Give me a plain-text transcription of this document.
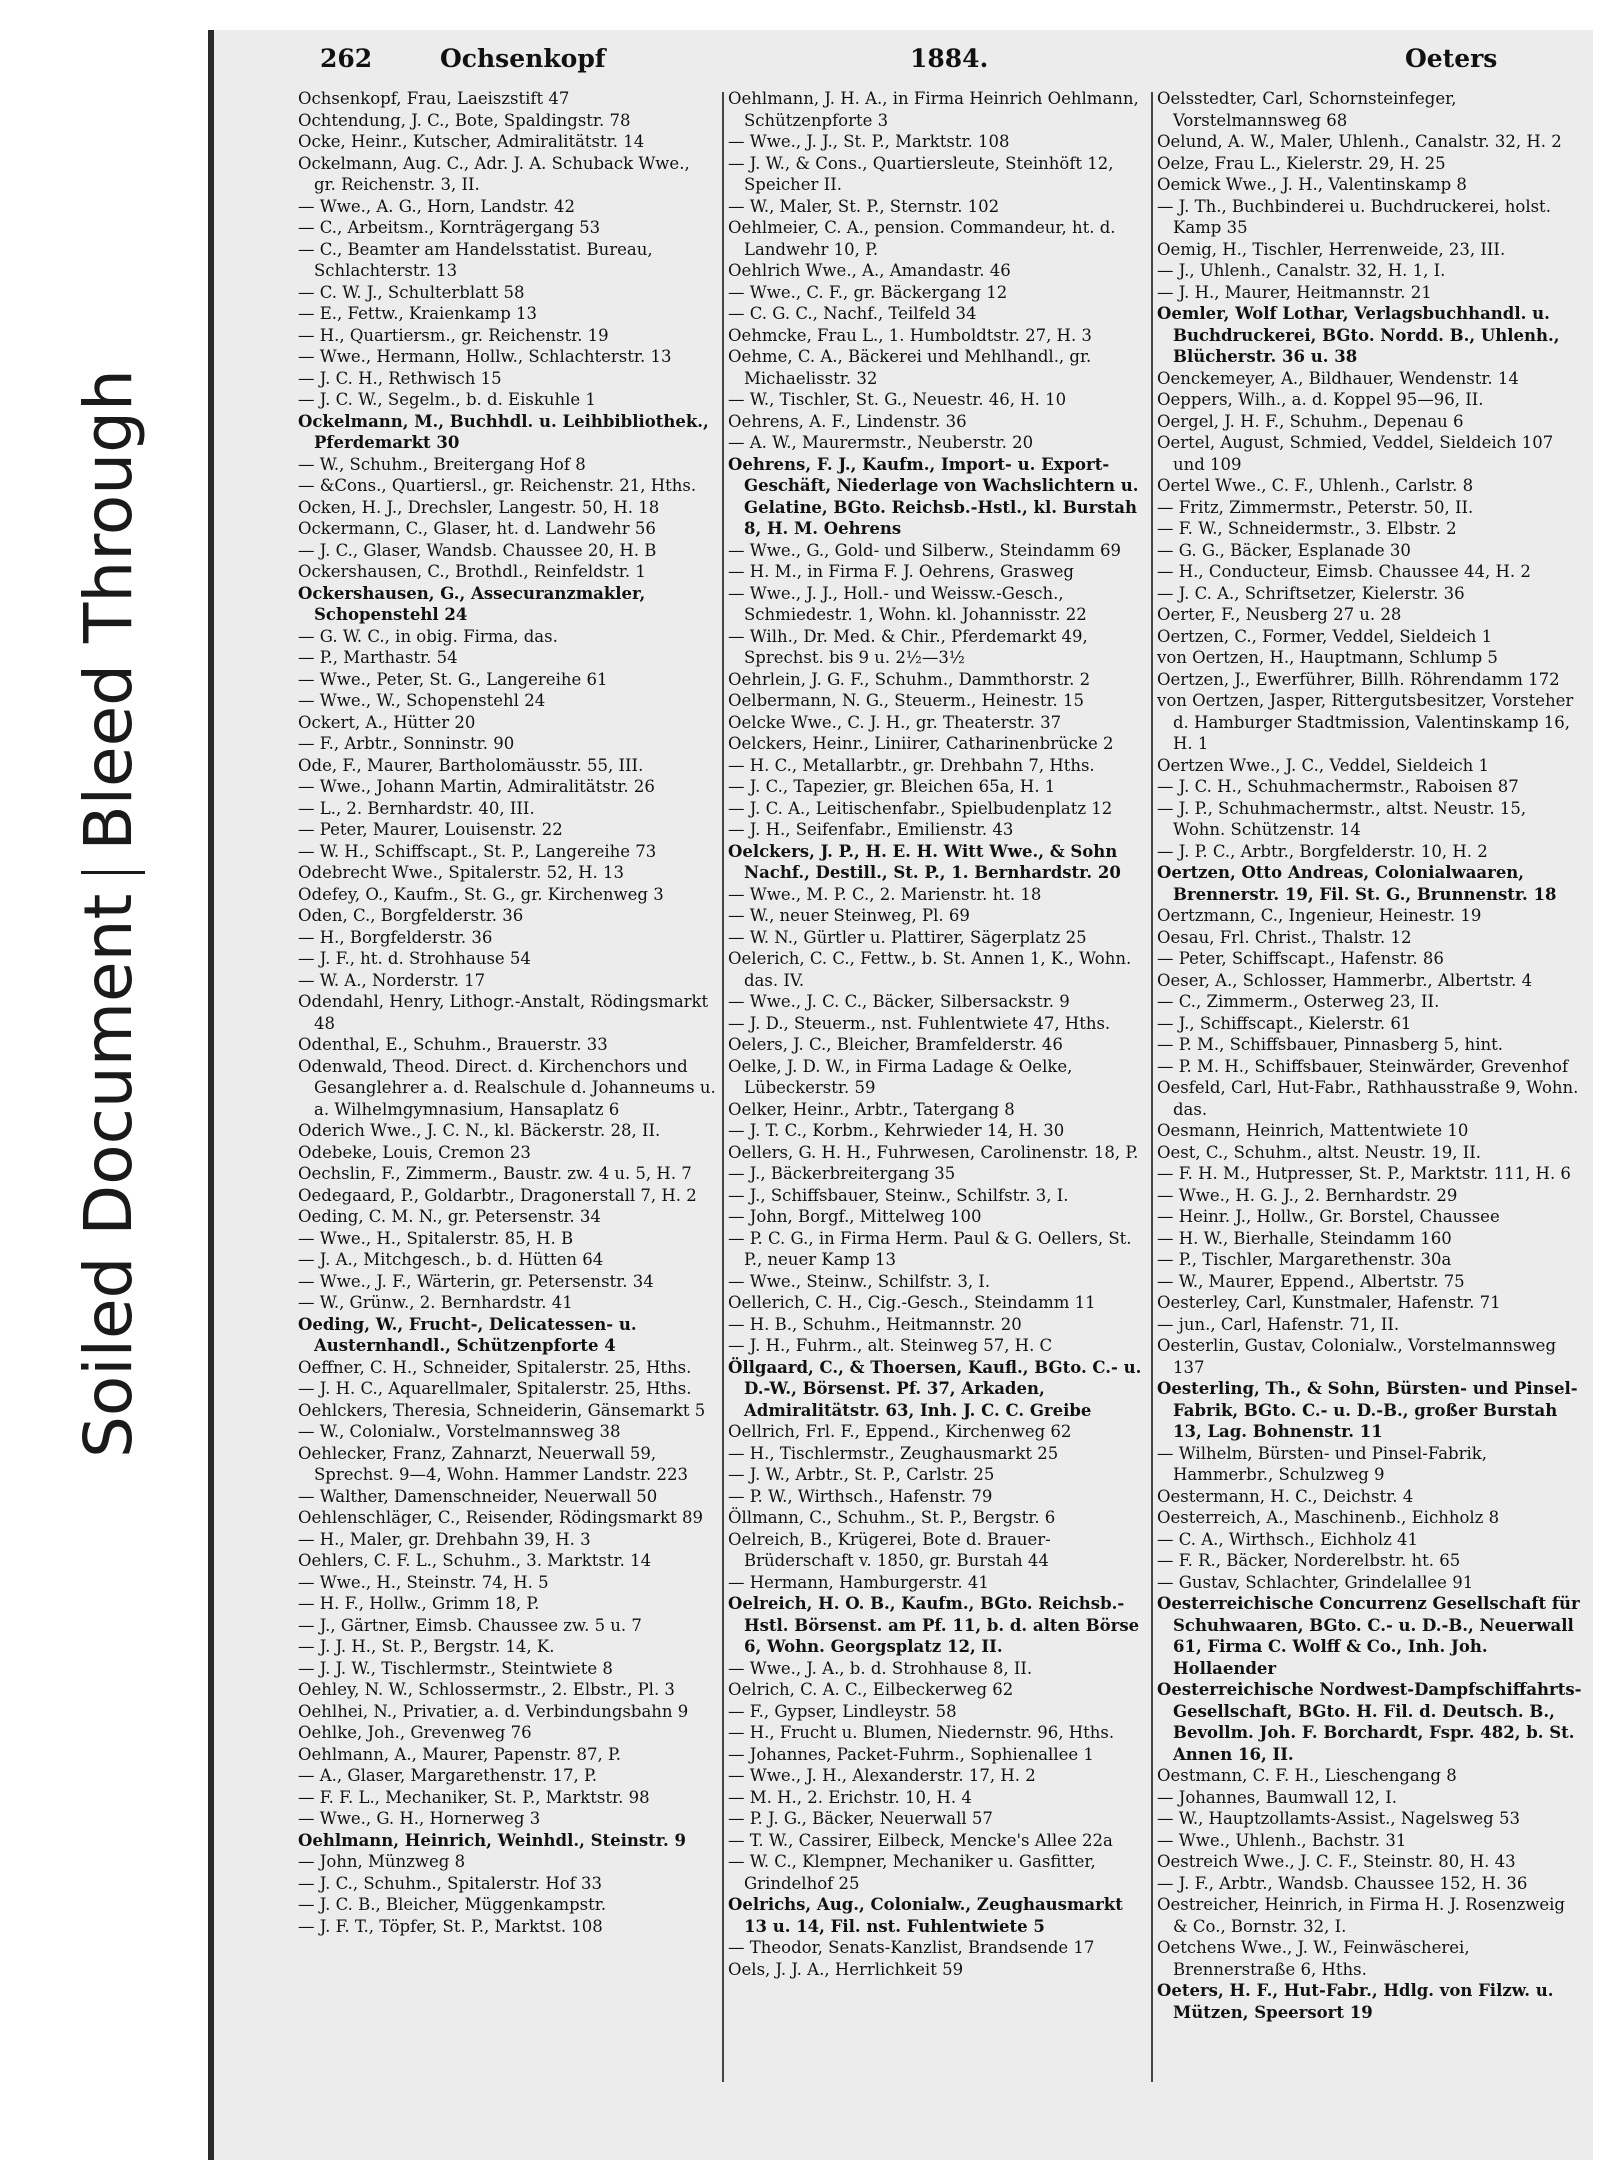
Soiled DocumentBleed Through
262	Ochsenkopf	1884.	Oeters

Ochsenkopf, Frau, Laeiszstift 47

Ochtendung, J. C., Bote, Spaldingstr. 78

Ocke, Heinr., Kutscher, Admiralitätstr. 14

Ockelmann, Aug. C., Adr. J. A. Schuback Wwe., gr. Reichenstr. 3, II.

— Wwe., A. G., Horn, Landstr. 42

— C., Arbeitsm., Kornträgergang 53

— C., Beamter am Handelsstatist. Bureau, Schlachterstr. 13

— C. W. J., Schulterblatt 58

— E., Fettw., Kraienkamp 13

— H., Quartiersm., gr. Reichenstr. 19

— Wwe., Hermann, Hollw., Schlachterstr. 13

— J. C. H., Rethwisch 15

— J. C. W., Segelm., b. d. Eiskuhle 1

Ockelmann, M., Buchhdl. u. Leihbibliothek., Pferdemarkt 30

— W., Schuhm., Breitergang Hof 8

— &Cons., Quartiersl., gr. Reichenstr. 21, Hths.

Ocken, H. J., Drechsler, Langestr. 50, H. 18

Ockermann, C., Glaser, ht. d. Landwehr 56

— J. C., Glaser, Wandsb. Chaussee 20, H. B

Ockershausen, C., Brothdl., Reinfeldstr. 1

Ockershausen, G., Assecuranzmakler, Schopenstehl 24

— G. W. C., in obig. Firma, das.

— P., Marthastr. 54

— Wwe., Peter, St. G., Langereihe 61

— Wwe., W., Schopenstehl 24

Ockert, A., Hütter 20

— F., Arbtr., Sonninstr. 90

Ode, F., Maurer, Bartholomäusstr. 55, III.

— Wwe., Johann Martin, Admiralitätstr. 26

— L., 2. Bernhardstr. 40, III.

— Peter, Maurer, Louisenstr. 22

— W. H., Schiffscapt., St. P., Langereihe 73

Odebrecht Wwe., Spitalerstr. 52, H. 13

Odefey, O., Kaufm., St. G., gr. Kirchenweg 3

Oden, C., Borgfelderstr. 36

— H., Borgfelderstr. 36

— J. F., ht. d. Strohhause 54

— W. A., Norderstr. 17

Odendahl, Henry, Lithogr.-Anstalt, Rödingsmarkt 48

Odenthal, E., Schuhm., Brauerstr. 33

Odenwald, Theod. Direct. d. Kirchenchors und Gesanglehrer a. d. Realschule d. Johanneums u. a. Wilhelmgymnasium, Hansaplatz 6

Oderich Wwe., J. C. N., kl. Bäckerstr. 28, II.

Odebeke, Louis, Cremon 23

Oechslin, F., Zimmerm., Baustr. zw. 4 u. 5, H. 7

Oedegaard, P., Goldarbtr., Dragonerstall 7, H. 2

Oeding, C. M. N., gr. Petersenstr. 34

— Wwe., H., Spitalerstr. 85, H. B

— J. A., Mitchgesch., b. d. Hütten 64

— Wwe., J. F., Wärterin, gr. Petersenstr. 34

— W., Grünw., 2. Bernhardstr. 41

Oeding, W., Frucht-, Delicatessen- u. Austernhandl., Schützenpforte 4

Oeffner, C. H., Schneider, Spitalerstr. 25, Hths.

— J. H. C., Aquarellmaler, Spitalerstr. 25, Hths.

Oehlckers, Theresia, Schneiderin, Gänsemarkt 5

— W., Colonialw., Vorstelmannsweg 38

Oehlecker, Franz, Zahnarzt, Neuerwall 59, Sprechst. 9—4, Wohn. Hammer Landstr. 223

— Walther, Damenschneider, Neuerwall 50

Oehlenschläger, C., Reisender, Rödingsmarkt 89

— H., Maler, gr. Drehbahn 39, H. 3

Oehlers, C. F. L., Schuhm., 3. Marktstr. 14

— Wwe., H., Steinstr. 74, H. 5

— H. F., Hollw., Grimm 18, P.

— J., Gärtner, Eimsb. Chaussee zw. 5 u. 7

— J. J. H., St. P., Bergstr. 14, K.

— J. J. W., Tischlermstr., Steintwiete 8

Oehley, N. W., Schlossermstr., 2. Elbstr., Pl. 3

Oehlhei, N., Privatier, a. d. Verbindungsbahn 9

Oehlke, Joh., Grevenweg 76

Oehlmann, A., Maurer, Papenstr. 87, P.

— A., Glaser, Margarethenstr. 17, P.

— F. F. L., Mechaniker, St. P., Marktstr. 98

— Wwe., G. H., Hornerweg 3

Oehlmann, Heinrich, Weinhdl., Steinstr. 9

— John, Münzweg 8

— J. C., Schuhm., Spitalerstr. Hof 33

— J. C. B., Bleicher, Müggenkampstr.

— J. F. T., Töpfer, St. P., Marktst. 108

Oehlmann, J. H. A., in Firma Heinrich Oehlmann, Schützenpforte 3

— Wwe., J. J., St. P., Marktstr. 108

— J. W., & Cons., Quartiersleute, Steinhöft 12, Speicher II.

— W., Maler, St. P., Sternstr. 102

Oehlmeier, C. A., pension. Commandeur, ht. d. Landwehr 10, P.

Oehlrich Wwe., A., Amandastr. 46

— Wwe., C. F., gr. Bäckergang 12

— C. G. C., Nachf., Teilfeld 34

Oehmcke, Frau L., 1. Humboldtstr. 27, H. 3

Oehme, C. A., Bäckerei und Mehlhandl., gr. Michaelisstr. 32

— W., Tischler, St. G., Neuestr. 46, H. 10

Oehrens, A. F., Lindenstr. 36

— A. W., Maurermstr., Neuberstr. 20

Oehrens, F. J., Kaufm., Import- u. Export-Geschäft, Niederlage von Wachslichtern u. Gelatine, BGto. Reichsb.-Hstl., kl. Burstah 8, H. M. Oehrens

— Wwe., G., Gold- und Silberw., Steindamm 69

— H. M., in Firma F. J. Oehrens, Grasweg

— Wwe., J. J., Holl.- und Weissw.-Gesch., Schmiedestr. 1, Wohn. kl. Johannisstr. 22

— Wilh., Dr. Med. & Chir., Pferdemarkt 49, Sprechst. bis 9 u. 2½—3½

Oehrlein, J. G. F., Schuhm., Dammthorstr. 2

Oelbermann, N. G., Steuerm., Heinestr. 15

Oelcke Wwe., C. J. H., gr. Theaterstr. 37

Oelckers, Heinr., Liniirer, Catharinenbrücke 2

— H. C., Metallarbtr., gr. Drehbahn 7, Hths.

— J. C., Tapezier, gr. Bleichen 65a, H. 1

— J. C. A., Leitischenfabr., Spielbudenplatz 12

— J. H., Seifenfabr., Emilienstr. 43

Oelckers, J. P., H. E. H. Witt Wwe., & Sohn Nachf., Destill., St. P., 1. Bernhardstr. 20

— Wwe., M. P. C., 2. Marienstr. ht. 18

— W., neuer Steinweg, Pl. 69

— W. N., Gürtler u. Plattirer, Sägerplatz 25

Oelerich, C. C., Fettw., b. St. Annen 1, K., Wohn. das. IV.

— Wwe., J. C. C., Bäcker, Silbersackstr. 9

— J. D., Steuerm., nst. Fuhlentwiete 47, Hths.

Oelers, J. C., Bleicher, Bramfelderstr. 46

Oelke, J. D. W., in Firma Ladage & Oelke, Lübeckerstr. 59

Oelker, Heinr., Arbtr., Tatergang 8

— J. T. C., Korbm., Kehrwieder 14, H. 30

Oellers, G. H. H., Fuhrwesen, Carolinenstr. 18, P.

— J., Bäckerbreitergang 35

— J., Schiffsbauer, Steinw., Schilfstr. 3, I.

— John, Borgf., Mittelweg 100

— P. C. G., in Firma Herm. Paul & G. Oellers, St. P., neuer Kamp 13

— Wwe., Steinw., Schilfstr. 3, I.

Oellerich, C. H., Cig.-Gesch., Steindamm 11

— H. B., Schuhm., Heitmannstr. 20

— J. H., Fuhrm., alt. Steinweg 57, H. C

Öllgaard, C., & Thoersen, Kaufl., BGto. C.- u. D.-W., Börsenst. Pf. 37, Arkaden, Admiralitätstr. 63, Inh. J. C. C. Greibe

Oellrich, Frl. F., Eppend., Kirchenweg 62

— H., Tischlermstr., Zeughausmarkt 25

— J. W., Arbtr., St. P., Carlstr. 25

— P. W., Wirthsch., Hafenstr. 79

Öllmann, C., Schuhm., St. P., Bergstr. 6

Oelreich, B., Krügerei, Bote d. Brauer-Brüderschaft v. 1850, gr. Burstah 44

— Hermann, Hamburgerstr. 41

Oelreich, H. O. B., Kaufm., BGto. Reichsb.-Hstl. Börsenst. am Pf. 11, b. d. alten Börse 6, Wohn. Georgsplatz 12, II.

— Wwe., J. A., b. d. Strohhause 8, II.

Oelrich, C. A. C., Eilbeckerweg 62

— F., Gypser, Lindleystr. 58

— H., Frucht u. Blumen, Niedernstr. 96, Hths.

— Johannes, Packet-Fuhrm., Sophienallee 1

— Wwe., J. H., Alexanderstr. 17, H. 2

— M. H., 2. Erichstr. 10, H. 4

— P. J. G., Bäcker, Neuerwall 57

— T. W., Cassirer, Eilbeck, Mencke's Allee 22a

— W. C., Klempner, Mechaniker u. Gasfitter, Grindelhof 25

Oelrichs, Aug., Colonialw., Zeughausmarkt 13 u. 14, Fil. nst. Fuhlentwiete 5

— Theodor, Senats-Kanzlist, Brandsende 17

Oels, J. J. A., Herrlichkeit 59

Oelsstedter, Carl, Schornsteinfeger, Vorstelmannsweg 68

Oelund, A. W., Maler, Uhlenh., Canalstr. 32, H. 2

Oelze, Frau L., Kielerstr. 29, H. 25

Oemick Wwe., J. H., Valentinskamp 8

— J. Th., Buchbinderei u. Buchdruckerei, holst. Kamp 35

Oemig, H., Tischler, Herrenweide, 23, III.

— J., Uhlenh., Canalstr. 32, H. 1, I.

— J. H., Maurer, Heitmannstr. 21

Oemler, Wolf Lothar, Verlagsbuchhandl. u. Buchdruckerei, BGto. Nordd. B., Uhlenh., Blücherstr. 36 u. 38

Oenckemeyer, A., Bildhauer, Wendenstr. 14

Oeppers, Wilh., a. d. Koppel 95—96, II.

Oergel, J. H. F., Schuhm., Depenau 6

Oertel, August, Schmied, Veddel, Sieldeich 107 und 109

Oertel Wwe., C. F., Uhlenh., Carlstr. 8

— Fritz, Zimmermstr., Peterstr. 50, II.

— F. W., Schneidermstr., 3. Elbstr. 2

— G. G., Bäcker, Esplanade 30

— H., Conducteur, Eimsb. Chaussee 44, H. 2

— J. C. A., Schriftsetzer, Kielerstr. 36

Oerter, F., Neusberg 27 u. 28

Oertzen, C., Former, Veddel, Sieldeich 1

von Oertzen, H., Hauptmann, Schlump 5

Oertzen, J., Ewerführer, Billh. Röhrendamm 172

von Oertzen, Jasper, Rittergutsbesitzer, Vorsteher d. Hamburger Stadtmission, Valentinskamp 16, H. 1

Oertzen Wwe., J. C., Veddel, Sieldeich 1

— J. C. H., Schuhmachermstr., Raboisen 87

— J. P., Schuhmachermstr., altst. Neustr. 15, Wohn. Schützenstr. 14

— J. P. C., Arbtr., Borgfelderstr. 10, H. 2

Oertzen, Otto Andreas, Colonialwaaren, Brennerstr. 19, Fil. St. G., Brunnenstr. 18

Oertzmann, C., Ingenieur, Heinestr. 19

Oesau, Frl. Christ., Thalstr. 12

— Peter, Schiffscapt., Hafenstr. 86

Oeser, A., Schlosser, Hammerbr., Albertstr. 4

— C., Zimmerm., Osterweg 23, II.

— J., Schiffscapt., Kielerstr. 61

— P. M., Schiffsbauer, Pinnasberg 5, hint.

— P. M. H., Schiffsbauer, Steinwärder, Grevenhof

Oesfeld, Carl, Hut-Fabr., Rathhausstraße 9, Wohn. das.

Oesmann, Heinrich, Mattentwiete 10

Oest, C., Schuhm., altst. Neustr. 19, II.

— F. H. M., Hutpresser, St. P., Marktstr. 111, H. 6

— Wwe., H. G. J., 2. Bernhardstr. 29

— Heinr. J., Hollw., Gr. Borstel, Chaussee

— H. W., Bierhalle, Steindamm 160

— P., Tischler, Margarethenstr. 30a

— W., Maurer, Eppend., Albertstr. 75

Oesterley, Carl, Kunstmaler, Hafenstr. 71

— jun., Carl, Hafenstr. 71, II.

Oesterlin, Gustav, Colonialw., Vorstelmannsweg 137

Oesterling, Th., & Sohn, Bürsten- und Pinsel-Fabrik, BGto. C.- u. D.-B., großer Burstah 13, Lag. Bohnenstr. 11

— Wilhelm, Bürsten- und Pinsel-Fabrik, Hammerbr., Schulzweg 9

Oestermann, H. C., Deichstr. 4

Oesterreich, A., Maschinenb., Eichholz 8

— C. A., Wirthsch., Eichholz 41

— F. R., Bäcker, Norderelbstr. ht. 65

— Gustav, Schlachter, Grindelallee 91

Oesterreichische Concurrenz Gesellschaft für Schuhwaaren, BGto. C.- u. D.-B., Neuerwall 61, Firma C. Wolff & Co., Inh. Joh. Hollaender

Oesterreichische Nordwest-Dampfschiffahrts-Gesellschaft, BGto. H. Fil. d. Deutsch. B., Bevollm. Joh. F. Borchardt, Fspr. 482, b. St. Annen 16, II.

Oestmann, C. F. H., Lieschengang 8

— Johannes, Baumwall 12, I.

— W., Hauptzollamts-Assist., Nagelsweg 53

— Wwe., Uhlenh., Bachstr. 31

Oestreich Wwe., J. C. F., Steinstr. 80, H. 43

— J. F., Arbtr., Wandsb. Chaussee 152, H. 36

Oestreicher, Heinrich, in Firma H. J. Rosenzweig & Co., Bornstr. 32, I.

Oetchens Wwe., J. W., Feinwäscherei, Brennerstraße 6, Hths.

Oeters, H. F., Hut-Fabr., Hdlg. von Filzw. u. Mützen, Speersort 19
